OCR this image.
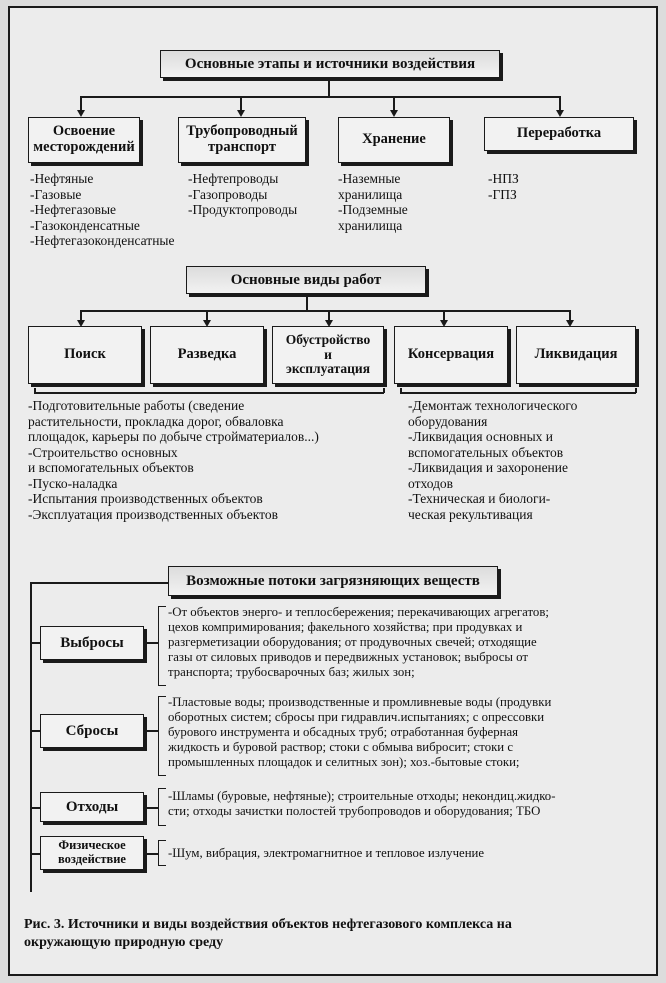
Основные этапы и источники воздействия
Освоение
месторождений
Трубопроводный
транспорт	Хранение	Переработка
-Нефтяные
-Газовые
-Нефтегазовые
-Газоконденсатные
-Нефтегазоконденсатные
-Нефтепроводы
-Газопроводы
-Продуктопроводы
-Наземные
хранилища
-Подземные
хранилища
-НПЗ
-ГПЗ
Основные виды работ
Поиск	Разведка
Обустройство
и
эксплуатация
Консервация	Ликвидация
-Подготовительные работы (сведение
растительности, прокладка дорог, обваловка
площадок, карьеры по добыче стройматериалов...)
-Строительство основных
и вспомогательных объектов
-Пуско-наладка
-Испытания производственных объектов
-Эксплуатация производственных объектов
-Демонтаж технологического
оборудования
-Ликвидация основных и
вспомогательных объектов
-Ликвидация и захоронение
отходов
-Техническая и биологи-
ческая рекультивация
Возможные потоки загрязняющих веществ
Выбросы
Сбросы
Отходы
Физическое
воздействие
-От объектов энерго- и теплосбережения; перекачивающих агрегатов;
цехов компримирования; факельного хозяйства; при продувках и
разгерметизации оборудования; от продувочных свечей; отходящие
газы от силовых приводов и передвижных установок; выбросы от
транспорта; трубосварочных баз; жилых зон;
-Пластовые воды; производственные и промливневые воды (продувки
оборотных систем; сбросы при гидравлич.испытаниях; с опрессовки
бурового инструмента и обсадных труб; отработанная буферная
жидкость и буровой раствор; стоки с обмыва вибросит; стоки с
промышленных площадок и селитных зон); хоз.-бытовые стоки;
-Шламы (буровые, нефтяные); строительные отходы; некондиц.жидко-
сти; отходы зачистки полостей трубопроводов и оборудования; ТБО
-Шум, вибрация, электромагнитное и тепловое излучение
Рис. 3. Источники и виды воздействия объектов нефтегазового комплекса на
окружающую природную среду
